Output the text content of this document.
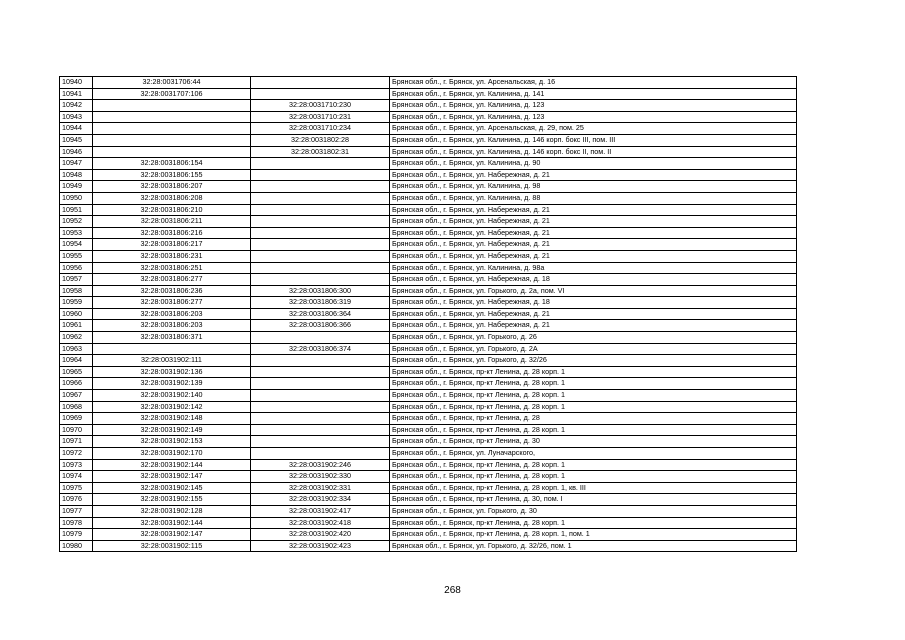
10940	32:28:0031706:44		Брянская обл., г. Брянск, ул. Арсенальская, д. 16
10941	32:28:0031707:106		Брянская обл., г. Брянск, ул. Калинина, д. 141
10942		32:28:0031710:230	Брянская обл., г. Брянск, ул. Калинина, д. 123
10943		32:28:0031710:231	Брянская обл., г. Брянск, ул. Калинина, д. 123
10944		32:28:0031710:234	Брянская обл., г. Брянск, ул. Арсенальская, д. 29, пом. 25
10945		32:28:0031802:28	Брянская обл., г. Брянск, ул. Калинина, д. 146 корп. бокс III, пом. III
10946		32:28:0031802:31	Брянская обл., г. Брянск, ул. Калинина, д. 146 корп. бокс II, пом. II
10947	32:28:0031806:154		Брянская обл., г. Брянск, ул. Калинина, д. 90
10948	32:28:0031806:155		Брянская обл., г. Брянск, ул. Набережная, д. 21
10949	32:28:0031806:207		Брянская обл., г. Брянск, ул. Калинина, д. 98
10950	32:28:0031806:208		Брянская обл., г. Брянск, ул. Калинина, д. 88
10951	32:28:0031806:210		Брянская обл., г. Брянск, ул. Набережная, д. 21
10952	32:28:0031806:211		Брянская обл., г. Брянск, ул. Набережная, д. 21
10953	32:28:0031806:216		Брянская обл., г. Брянск, ул. Набережная, д. 21
10954	32:28:0031806:217		Брянская обл., г. Брянск, ул. Набережная, д. 21
10955	32:28:0031806:231		Брянская обл., г. Брянск, ул. Набережная, д. 21
10956	32:28:0031806:251		Брянская обл., г. Брянск, ул. Калинина, д. 98а
10957	32:28:0031806:277		Брянская обл., г. Брянск, ул. Набережная, д. 18
10958	32:28:0031806:236	32:28:0031806:300	Брянская обл., г. Брянск, ул. Горького, д. 2а, пом. VI
10959	32:28:0031806:277	32:28:0031806:319	Брянская обл., г. Брянск, ул. Набережная, д. 18
10960	32:28:0031806:203	32:28:0031806:364	Брянская обл., г. Брянск, ул. Набережная, д. 21
10961	32:28:0031806:203	32:28:0031806:366	Брянская обл., г. Брянск, ул. Набережная, д. 21
10962	32:28:0031806:371		Брянская обл., г. Брянск, ул. Горького, д. 26
10963		32:28:0031806:374	Брянская обл., г. Брянск, ул. Горького, д. 2А
10964	32:28:0031902:111		Брянская обл., г. Брянск, ул. Горького, д. 32/26
10965	32:28:0031902:136		Брянская обл., г. Брянск, пр-кт Ленина, д. 28 корп. 1
10966	32:28:0031902:139		Брянская обл., г. Брянск, пр-кт Ленина, д. 28 корп. 1
10967	32:28:0031902:140		Брянская обл., г. Брянск, пр-кт Ленина, д. 28 корп. 1
10968	32:28:0031902:142		Брянская обл., г. Брянск, пр-кт Ленина, д. 28 корп. 1
10969	32:28:0031902:148		Брянская обл., г. Брянск, пр-кт Ленина, д. 28
10970	32:28:0031902:149		Брянская обл., г. Брянск, пр-кт Ленина, д. 28 корп. 1
10971	32:28:0031902:153		Брянская обл., г. Брянск, пр-кт Ленина, д. 30
10972	32:28:0031902:170		Брянская обл., г. Брянск, ул. Луначарского,
10973	32:28:0031902:144	32:28:0031902:246	Брянская обл., г. Брянск, пр-кт Ленина, д. 28 корп. 1
10974	32:28:0031902:147	32:28:0031902:330	Брянская обл., г. Брянск, пр-кт Ленина, д. 28 корп. 1
10975	32:28:0031902:145	32:28:0031902:331	Брянская обл., г. Брянск, пр-кт Ленина, д. 28 корп. 1, кв. III
10976	32:28:0031902:155	32:28:0031902:334	Брянская обл., г. Брянск, пр-кт Ленина, д. 30, пом. I
10977	32:28:0031902:128	32:28:0031902:417	Брянская обл., г. Брянск, ул. Горького, д. 30
10978	32:28:0031902:144	32:28:0031902:418	Брянская обл., г. Брянск, пр-кт Ленина, д. 28 корп. 1
10979	32:28:0031902:147	32:28:0031902:420	Брянская обл., г. Брянск, пр-кт Ленина, д. 28 корп. 1, пом. 1
10980	32:28:0031902:115	32:28:0031902:423	Брянская обл., г. Брянск, ул. Горького, д. 32/26, пом. 1
268
